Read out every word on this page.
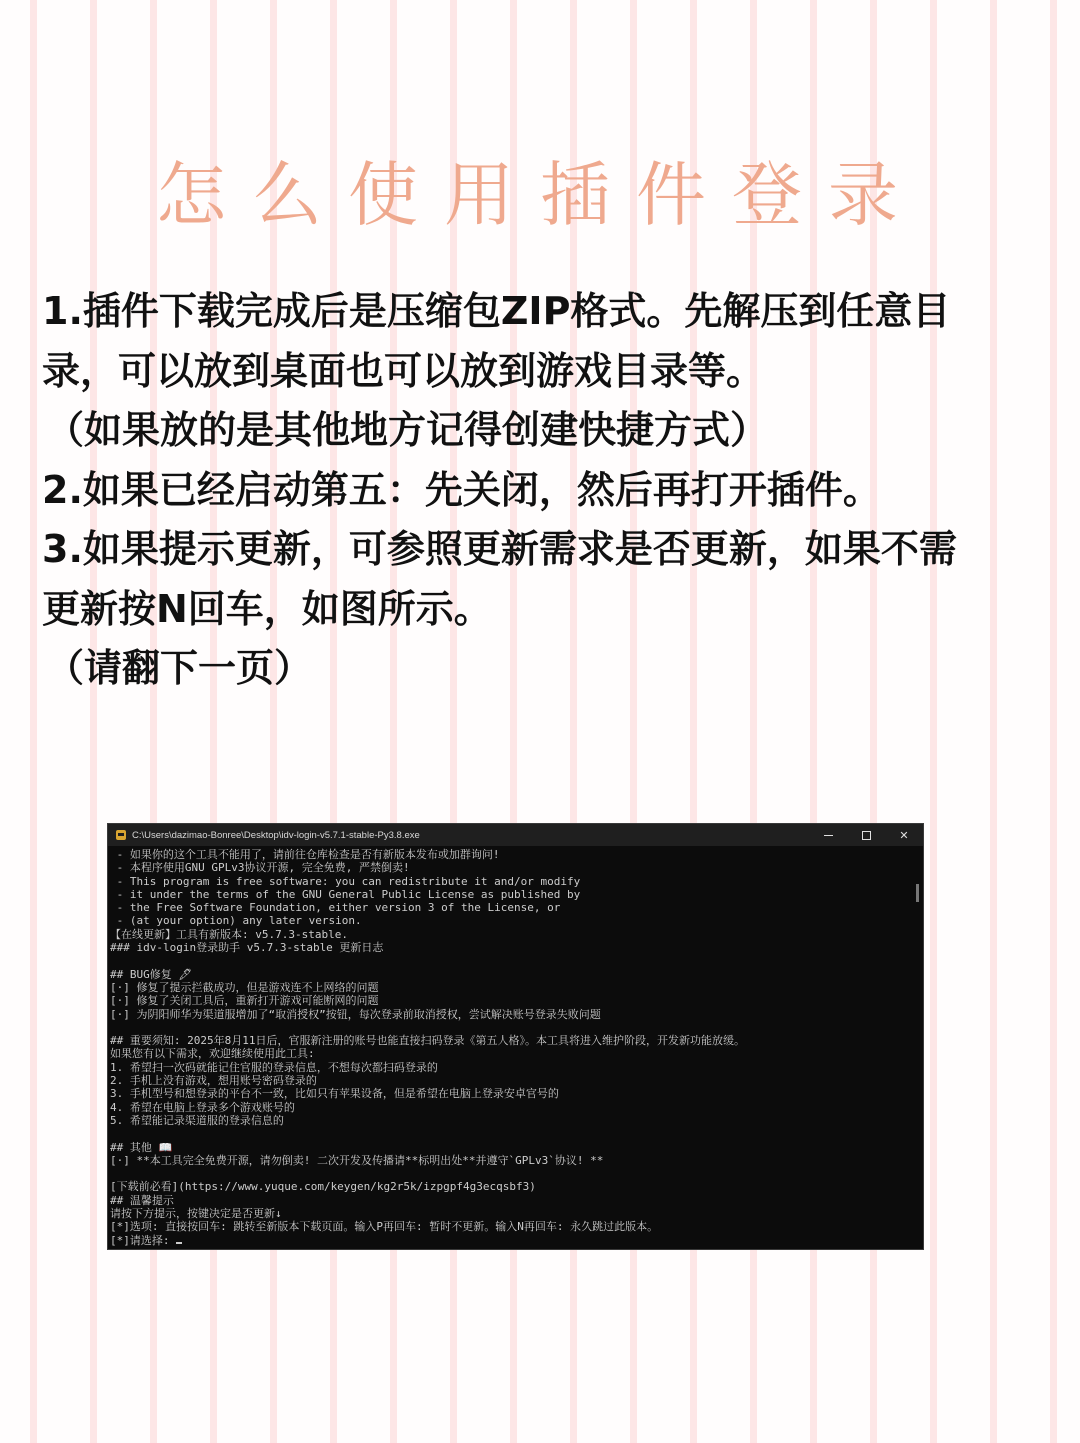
怎么使用插件登录
1.插件下载完成后是压缩包ZIP格式。先解压到任意目
录，可以放到桌面也可以放到游戏目录等。
（如果放的是其他地方记得创建快捷方式）
2.如果已经启动第五：先关闭，然后再打开插件。
3.如果提示更新，可参照更新需求是否更新，如果不需
更新按N回车，如图所示。
（请翻下一页）
C:\Users\dazimao-Bonree\Desktop\idv-login-v5.7.1-stable-Py3.8.exe	✕
- 如果你的这个工具不能用了，请前往仓库检查是否有新版本发布或加群询问!
- 本程序使用GNU GPLv3协议开源, 完全免费, 严禁倒卖!
- This program is free software: you can redistribute it and/or modify
- it under the terms of the GNU General Public License as published by
- the Free Software Foundation, either version 3 of the License, or
- (at your option) any later version.
【在线更新】工具有新版本: v5.7.3-stable.
### idv-login登录助手 v5.7.3-stable 更新日志
## BUG修复 🖋
[·] 修复了提示拦截成功，但是游戏连不上网络的问题
[·] 修复了关闭工具后，重新打开游戏可能断网的问题
[·] 为阴阳师华为渠道服增加了“取消授权”按钮，每次登录前取消授权，尝试解决账号登录失败问题
## 重要须知: 2025年8月11日后，官服新注册的账号也能直接扫码登录《第五人格》。本工具将进入维护阶段，开发新功能放缓。
如果您有以下需求，欢迎继续使用此工具:
1. 希望扫一次码就能记住官服的登录信息，不想每次都扫码登录的
2. 手机上没有游戏，想用账号密码登录的
3. 手机型号和想登录的平台不一致，比如只有苹果设备，但是希望在电脑上登录安卓官号的
4. 希望在电脑上登录多个游戏账号的
5. 希望能记录渠道服的登录信息的
## 其他 📖
[·] **本工具完全免费开源，请勿倒卖! 二次开发及传播请**标明出处**并遵守`GPLv3`协议! **
[下载前必看](https://www.yuque.com/keygen/kg2r5k/izpgpf4g3ecqsbf3)
## 温馨提示
请按下方提示，按键决定是否更新↓
[*]选项: 直接按回车: 跳转至新版本下载页面。输入P再回车: 暂时不更新。输入N再回车: 永久跳过此版本。
[*]请选择:
